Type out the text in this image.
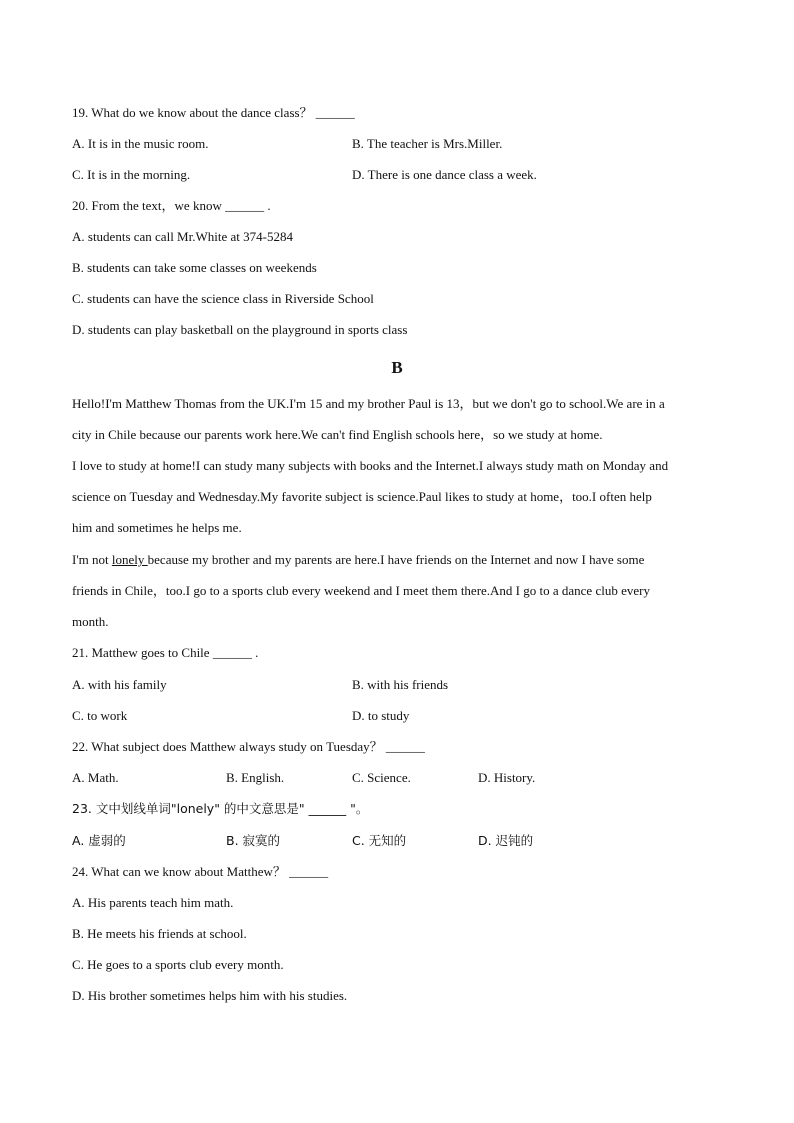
19. What do we know about the dance class？ ______
A. It is in the music room.	B. The teacher is Mrs.Miller.
C. It is in the morning.	D. There is one dance class a week.
20. From the text，we know ______ .
A. students can call Mr.White at 374-5284
B. students can take some classes on weekends
C. students can have the science class in Riverside School
D. students can play basketball on the playground in sports class
B
Hello!I'm Matthew Thomas from the UK.I'm 15 and my brother Paul is 13，but we don't go to school.We are in a
city in Chile because our parents work here.We can't find English schools here，so we study at home.
I love to study at home!I can study many subjects with books and the Internet.I always study math on Monday and
science on Tuesday and Wednesday.My favorite subject is science.Paul likes to study at home，too.I often help
him and sometimes he helps me.
I'm not lonely because my brother and my parents are here.I have friends on the Internet and now I have some
friends in Chile，too.I go to a sports club every weekend and I meet them there.And I go to a dance club every
month.
21. Matthew goes to Chile ______ .
A. with his family	B. with his friends
C. to work	D. to study
22. What subject does Matthew always study on Tuesday？ ______
A. Math.	B. English.	C. Science.	D. History.
23. 文中划线单词"lonely" 的中文意思是" ______ "。
A. 虚弱的	B. 寂寞的	C. 无知的	D. 迟钝的
24. What can we know about Matthew？ ______
A. His parents teach him math.
B. He meets his friends at school.
C. He goes to a sports club every month.
D. His brother sometimes helps him with his studies.
